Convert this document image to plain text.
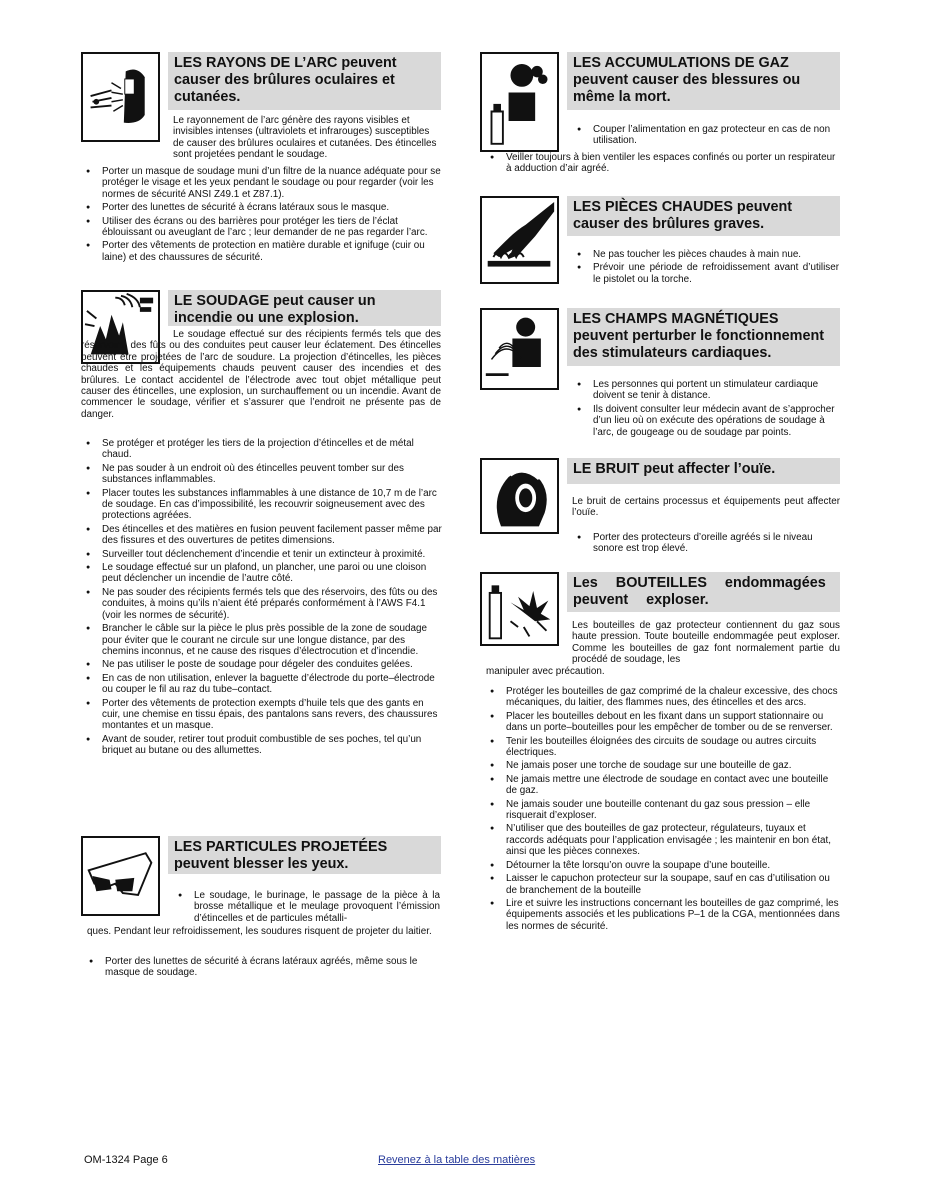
LES RAYONS DE L’ARC peuvent causer des brûlures oculaires et cutanées.
Le rayonnement de l’arc génère des rayons visibles et invisibles intenses (ultraviolets et infrarouges) susceptibles de causer des brûlures oculaires et cutanées. Des étincelles sont projetées pendant le soudage.
● Porter un masque de soudage muni d’un filtre de la nuance adéquate pour se protéger le visage et les yeux pendant le soudage ou pour regarder (voir les normes de sécurité ANSI Z49.1 et Z87.1).
● Porter des lunettes de sécurité à écrans latéraux sous le masque.
● Utiliser des écrans ou des barrières pour protéger les tiers de l’éclat éblouissant ou aveuglant de l’arc ; leur demander de ne pas regarder l’arc.
● Porter des vêtements de protection en matière durable et ignifuge (cuir ou laine) et des chaussures de sécurité.
LE SOUDAGE peut causer un incendie ou une explosion.
Le soudage effectué sur des récipients fermés tels que des réservoirs, des fûts ou des conduites peut causer leur éclatement. Des étincelles peuvent être projetées de l’arc de soudure. La projection d’étincelles, les pièces chaudes et les équipements chauds peuvent causer des incendies et des brûlures. Le contact accidentel de l’électrode avec tout objet métallique peut causer des étincelles, une explosion, un surchauffement ou un incendie. Avant de commencer le soudage, vérifier et s’assurer que l’endroit ne présente pas de danger.
● Se protéger et protéger les tiers de la projection d’étincelles et de métal chaud.
● Ne pas souder à un endroit où des étincelles peuvent tomber sur des substances inflammables.
● Placer toutes les substances inflammables à une distance de 10,7 m de l’arc de soudage. En cas d’impossibilité, les recouvrir soigneusement avec des protections agréées.
● Des étincelles et des matières en fusion peuvent facilement passer même par des fissures et des ouvertures de petites dimensions.
● Surveiller tout déclenchement d’incendie et tenir un extincteur à proximité.
● Le soudage effectué sur un plafond, un plancher, une paroi ou une cloison peut déclencher un incendie de l’autre côté.
● Ne pas souder des récipients fermés tels que des réservoirs, des fûts ou des conduites, à moins qu’ils n’aient été préparés conformément à l’AWS F4.1 (voir les normes de sécurité).
● Brancher le câble sur la pièce le plus près possible de la zone de soudage pour éviter que le courant ne circule sur une longue distance, par des chemins inconnus, et ne cause des risques d’électrocution et d’incendie.
● Ne pas utiliser le poste de soudage pour dégeler des conduites gelées.
● En cas de non utilisation, enlever la baguette d’électrode du porte–électrode ou couper le fil au raz du tube–contact.
● Porter des vêtements de protection exempts d’huile tels que des gants en cuir, une chemise en tissu épais, des pantalons sans revers, des chaussures montantes et un masque.
● Avant de souder, retirer tout produit combustible de ses poches, tel qu’un briquet au butane ou des allumettes.
LES PARTICULES PROJETÉES peuvent blesser les yeux.
● Le soudage, le burinage, le passage de la pièce à la brosse métallique et le meulage provoquent l’émission d’étincelles et de particules métalli-
ques. Pendant leur refroidissement, les soudures risquent de projeter du laitier.
● Porter des lunettes de sécurité à écrans latéraux agréés, même sous le masque de soudage.
LES ACCUMULATIONS DE GAZ peuvent causer des blessures ou même la mort.
● Couper l’alimentation en gaz protecteur en cas de non utilisation.
● Veiller toujours à bien ventiler les espaces confinés ou porter un respirateur à adduction d’air agréé.
LES PIÈCES CHAUDES peuvent causer des brûlures graves.
● Ne pas toucher les pièces chaudes à main nue.
● Prévoir une période de refroidissement avant d’utiliser le pistolet ou la torche.
LES CHAMPS MAGNÉTIQUES peuvent perturber le fonctionnement des stimulateurs cardiaques.
● Les personnes qui portent un stimulateur cardiaque doivent se tenir à distance.
● Ils doivent consulter leur médecin avant de s’approcher d’un lieu où on exécute des opérations de soudage à l’arc, de gougeage ou de soudage par points.
LE BRUIT peut affecter l’ouïe.
Le bruit de certains processus et équipements peut affecter l’ouïe.
● Porter des protecteurs d’oreille agréés si le niveau sonore est trop élevé.
Les BOUTEILLES endommagées peuvent exploser.
Les bouteilles de gaz protecteur contiennent du gaz sous haute pression. Toute bouteille endommagée peut exploser. Comme les bouteilles de gaz font normalement partie du procédé de soudage, les
manipuler avec précaution.
● Protéger les bouteilles de gaz comprimé de la chaleur excessive, des chocs mécaniques, du laitier, des flammes nues, des étincelles et des arcs.
● Placer les bouteilles debout en les fixant dans un support stationnaire ou dans un porte–bouteilles pour les empêcher de tomber ou de se renverser.
● Tenir les bouteilles éloignées des circuits de soudage ou autres circuits électriques.
● Ne jamais poser une torche de soudage sur une bouteille de gaz.
● Ne jamais mettre une électrode de soudage en contact avec une bouteille de gaz.
● Ne jamais souder une bouteille contenant du gaz sous pression – elle risquerait d’exploser.
● N’utiliser que des bouteilles de gaz protecteur, régulateurs, tuyaux et raccords adéquats pour l’application envisagée ; les maintenir en bon état, ainsi que les pièces connexes.
● Détourner la tête lorsqu’on ouvre la soupape d’une bouteille.
● Laisser le capuchon protecteur sur la soupape, sauf en cas d’utilisation ou de branchement de la bouteille
● Lire et suivre les instructions concernant les bouteilles de gaz comprimé, les équipements associés et les publications P–1 de la CGA, mentionnées dans les normes de sécurité.
OM-1324 Page 6	Revenez à la table des matières
